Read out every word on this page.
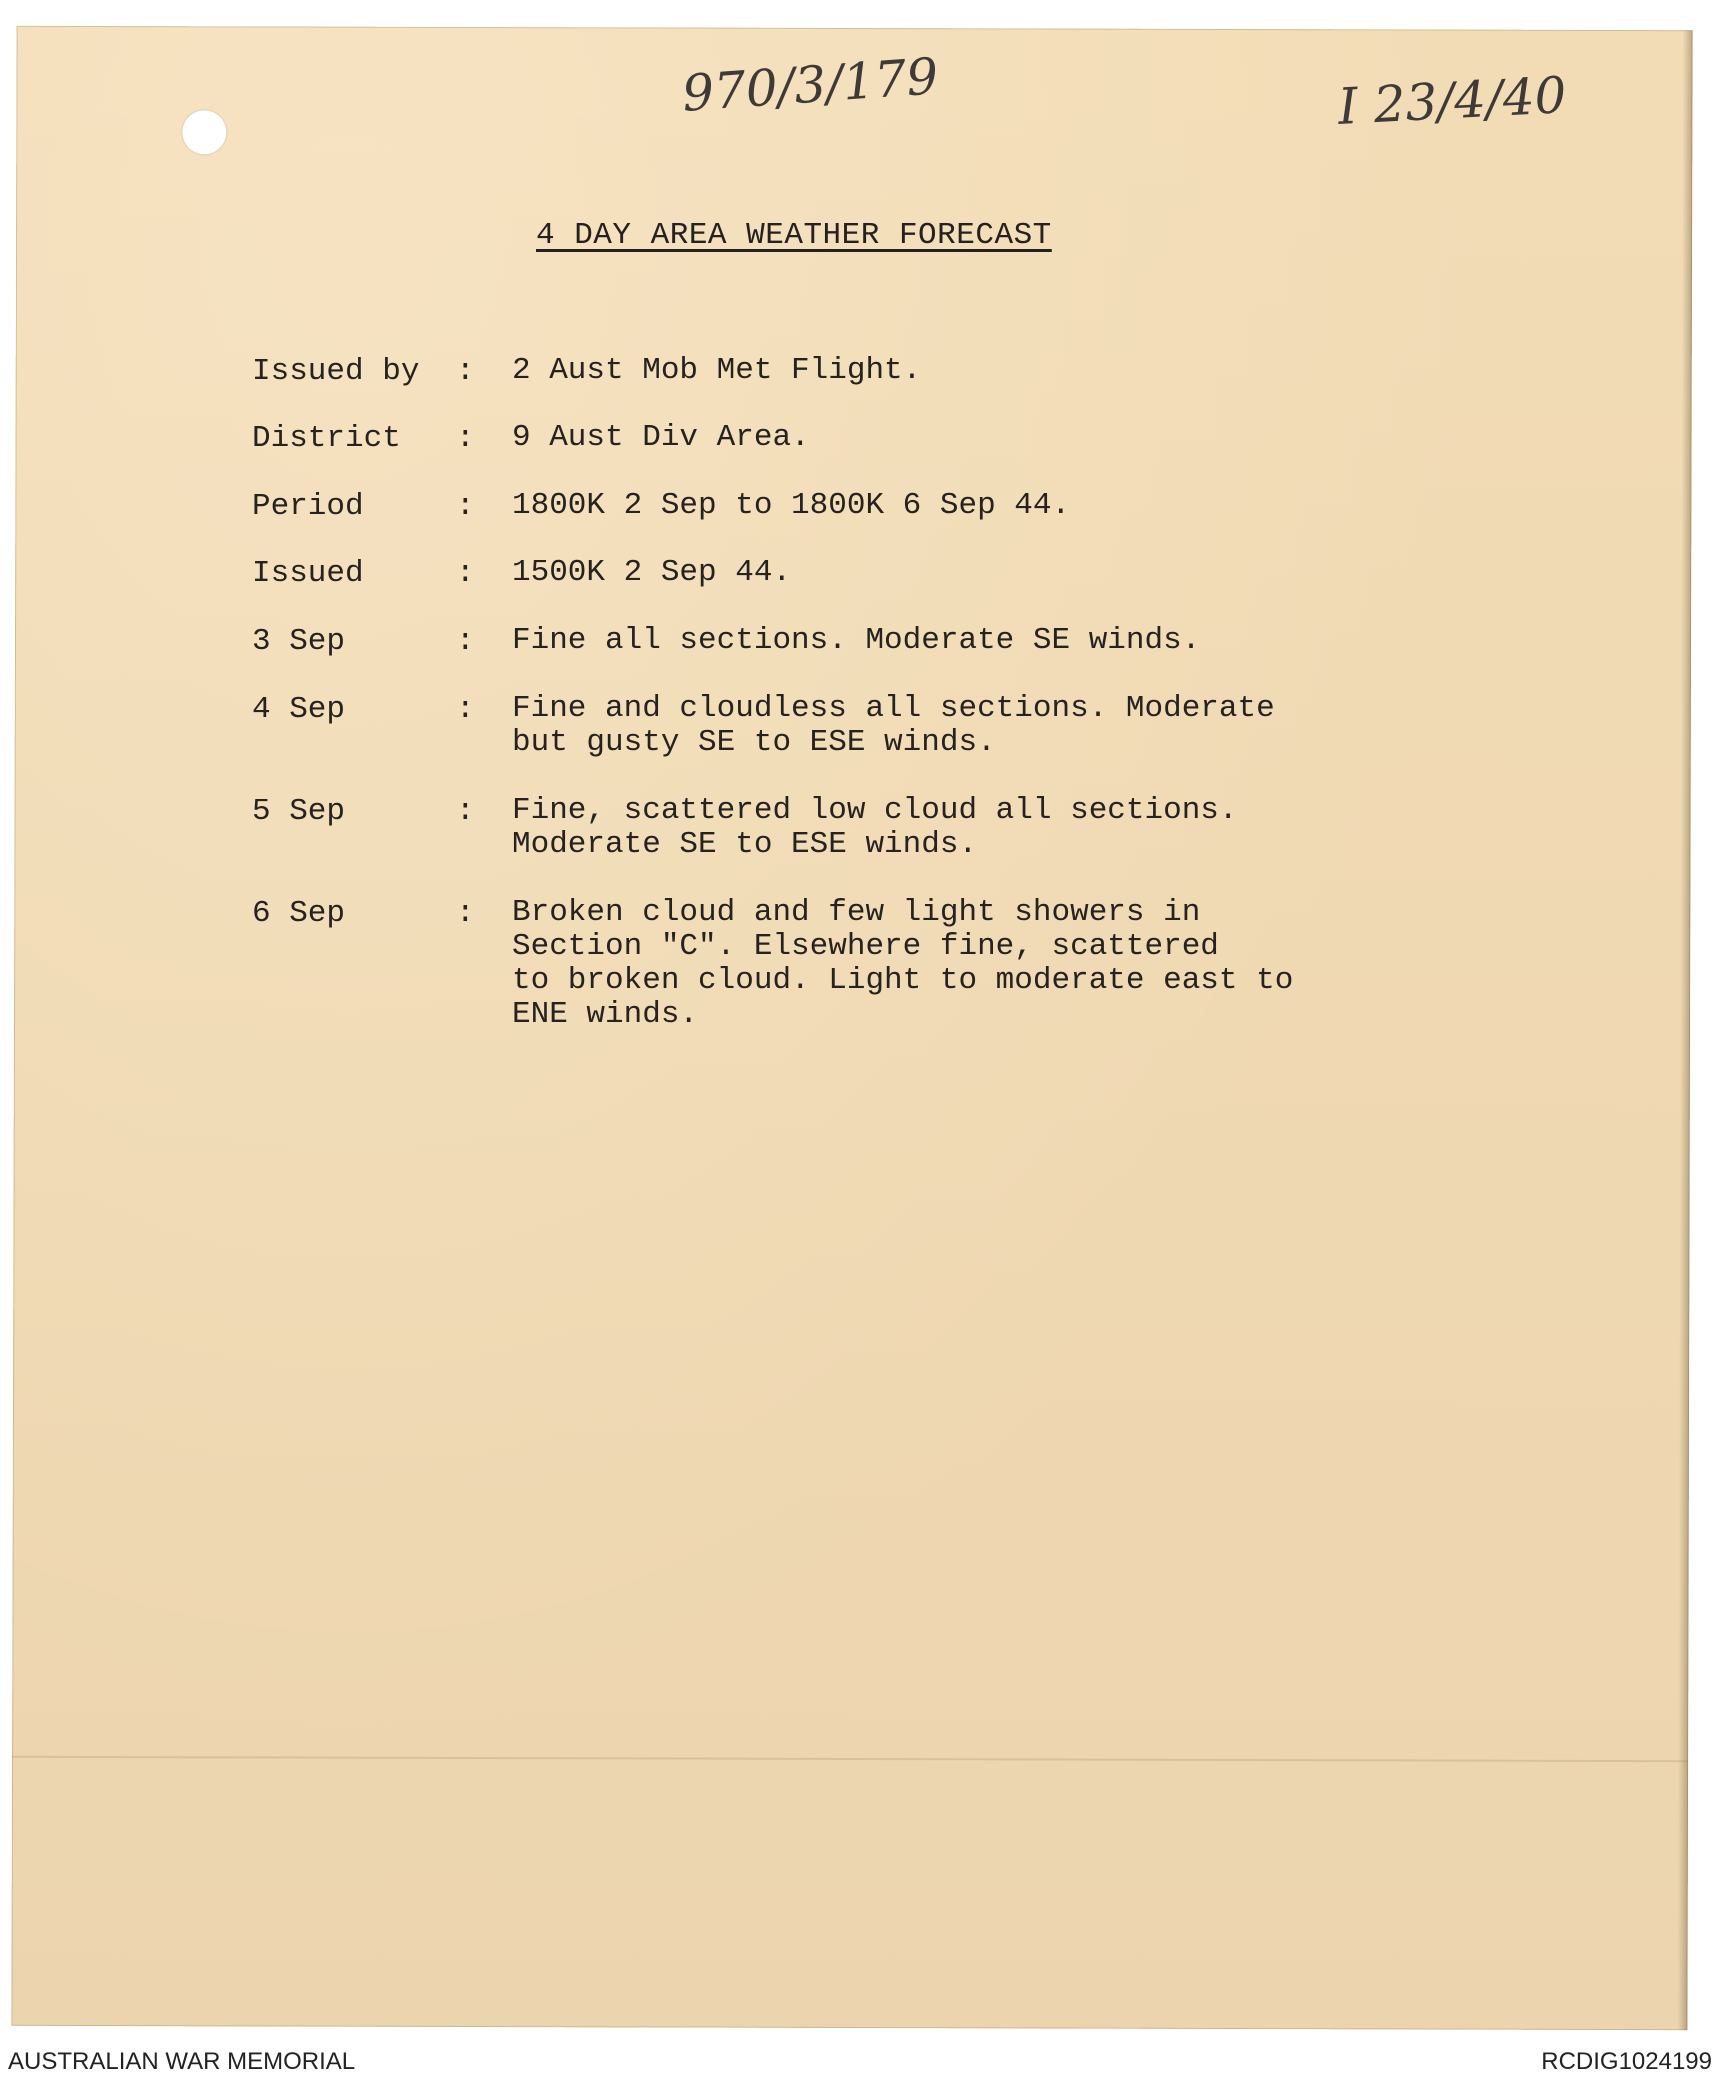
970/3/179	I 23/4/40
4 DAY AREA WEATHER FORECAST
Issued by : 2 Aust Mob Met Flight.
District : 9 Aust Div Area.
Period	: 1800K 2 Sep to 1800K 6 Sep 44.
Issued	: 1500K 2 Sep 44.
3 Sep	: Fine all sections. Moderate SE winds.
4 Sep	: Fine and cloudless all sections. Moderate
but gusty SE to ESE winds.
5 Sep	: Fine, scattered low cloud all sections.
Moderate SE to ESE winds.
6 Sep	: Broken cloud and few light showers in
Section "C". Elsewhere fine, scattered
to broken cloud. Light to moderate east to
ENE winds.
AUSTRALIAN WAR MEMORIAL	RCDIG1024199
